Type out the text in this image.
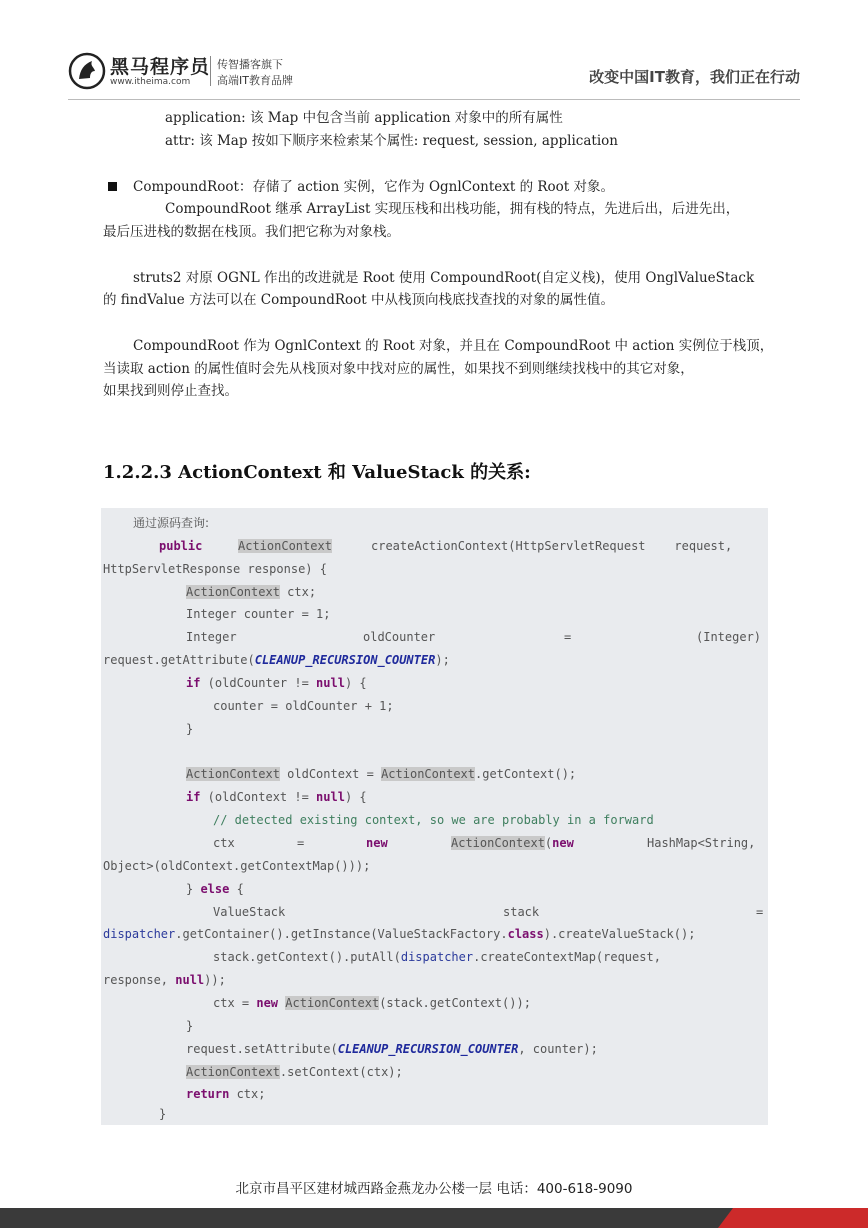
黑马程序员
www.itheima.com
传智播客旗下
高端IT教育品牌	改变中国IT教育，我们正在行动
application: 该 Map 中包含当前 application 对象中的所有属性
attr: 该 Map 按如下顺序来检索某个属性: request, session, application
CompoundRoot：存储了 action 实例，它作为 OgnlContext 的 Root 对象。
CompoundRoot 继承 ArrayList 实现压栈和出栈功能，拥有栈的特点，先进后出，后进先出，
最后压进栈的数据在栈顶。我们把它称为对象栈。
struts2 对原 OGNL 作出的改进就是 Root 使用 CompoundRoot(自定义栈)，使用 OnglValueStack
的 findValue 方法可以在 CompoundRoot 中从栈顶向栈底找查找的对象的属性值。
CompoundRoot 作为 OgnlContext 的 Root 对象，并且在 CompoundRoot 中 action 实例位于栈顶，
当读取 action 的属性值时会先从栈顶对象中找对应的属性，如果找不到则继续找栈中的其它对象，
如果找到则停止查找。
1.2.2.3 ActionContext 和 ValueStack 的关系:
通过源码查询:
public	ActionContext	createActionContext(HttpServletRequest    request,
HttpServletResponse response) {
ActionContext ctx;
Integer counter = 1;
Integer	oldCounter	=	(Integer)
request.getAttribute(CLEANUP_RECURSION_COUNTER);
if (oldCounter != null) {
counter = oldCounter + 1;
}
ActionContext oldContext = ActionContext.getContext();
if (oldContext != null) {
// detected existing context, so we are probably in a forward
ctx	=	new	ActionContext(new	HashMap<String,
Object>(oldContext.getContextMap()));
} else {
ValueStack	stack	=
dispatcher.getContainer().getInstance(ValueStackFactory.class).createValueStack();
stack.getContext().putAll(dispatcher.createContextMap(request,
response, null));
ctx = new ActionContext(stack.getContext());
}
request.setAttribute(CLEANUP_RECURSION_COUNTER, counter);
ActionContext.setContext(ctx);
return ctx;
}
北京市昌平区建材城西路金燕龙办公楼一层 电话：400-618-9090
